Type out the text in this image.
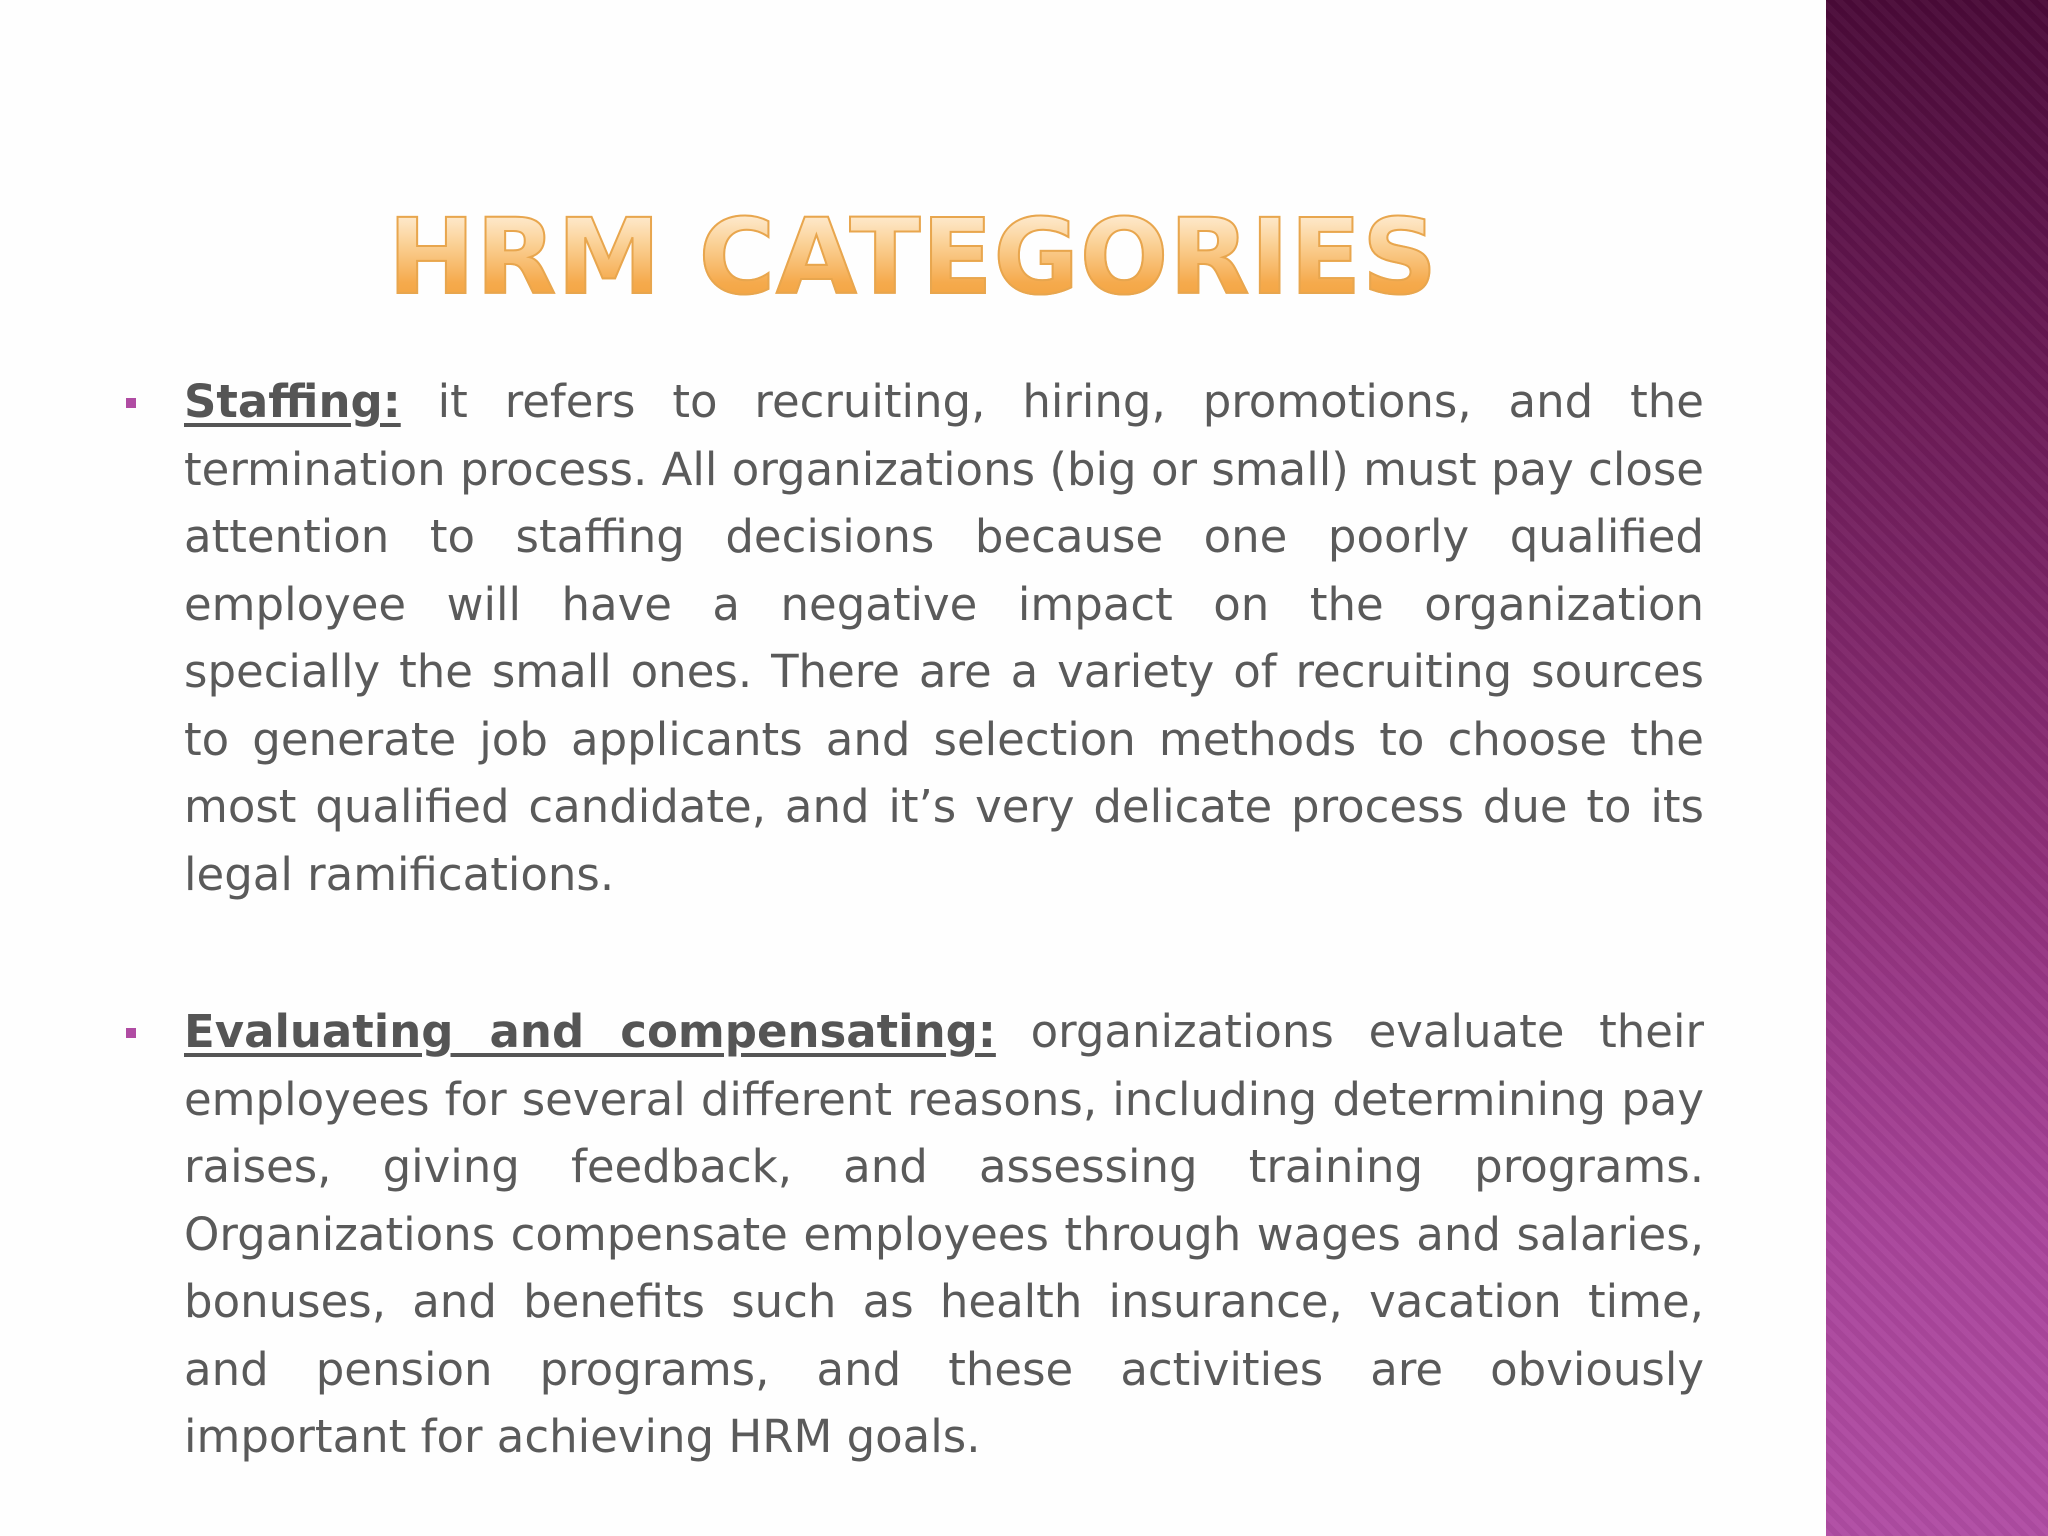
HRM CATEGORIES

Staffing: it refers to recruiting, hiring, promotions, and the termination process. All organizations (big or small) must pay close attention to staffing decisions because one poorly qualified employee will have a negative impact on the organization specially the small ones. There are a variety of recruiting sources to generate job applicants and selection methods to choose the most qualified candidate, and it’s very delicate process due to its legal ramifications.

Evaluating and compensating: organizations evaluate their employees for several different reasons, including determining pay raises, giving feedback, and assessing training programs. Organizations compensate employees through wages and salaries, bonuses, and benefits such as health insurance, vacation time, and pension programs, and these activities are obviously important for achieving HRM goals.
